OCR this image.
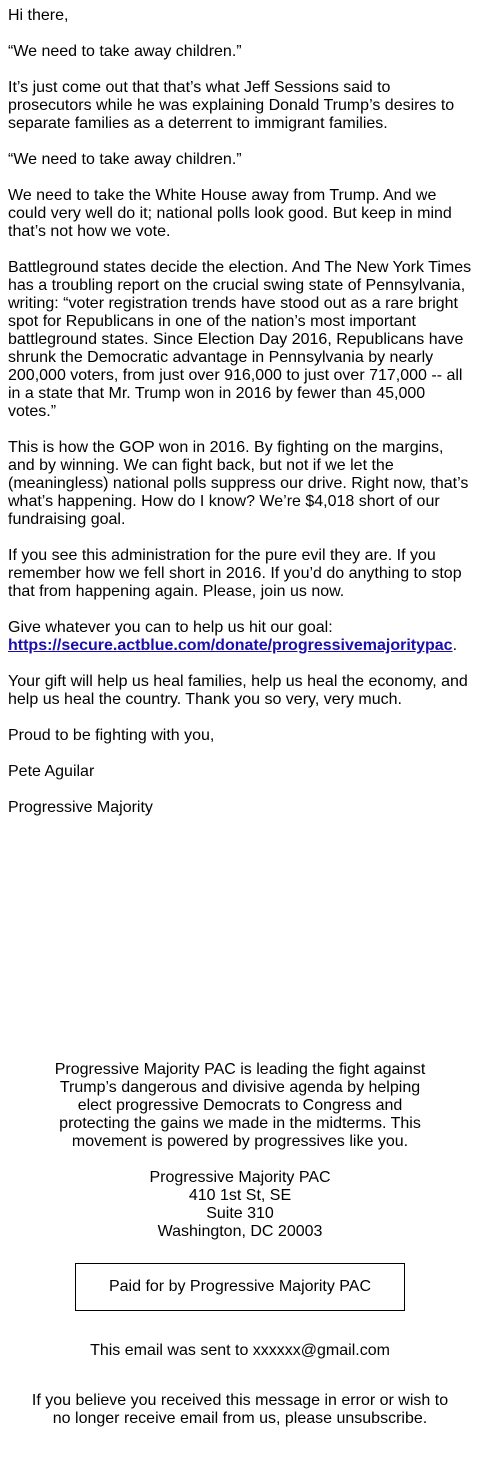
Hi there,

“We need to take away children.”

It’s just come out that that’s what Jeff Sessions said to prosecutors while he was explaining Donald Trump’s desires to separate families as a deterrent to immigrant families.

“We need to take away children.”

We need to take the White House away from Trump. And we could very well do it; national polls look good. But keep in mind that’s not how we vote.

Battleground states decide the election. And The New York Times has a troubling report on the crucial swing state of Pennsylvania, writing: “voter registration trends have stood out as a rare bright spot for Republicans in one of the nation’s most important battleground states. Since Election Day 2016, Republicans have shrunk the Democratic advantage in Pennsylvania by nearly 200,000 voters, from just over 916,000 to just over 717,000 -- all in a state that Mr. Trump won in 2016 by fewer than 45,000 votes.”

This is how the GOP won in 2016. By fighting on the margins, and by winning. We can fight back, but not if we let the (meaningless) national polls suppress our drive. Right now, that’s what’s happening. How do I know? We’re $4,018 short of our fundraising goal.

If you see this administration for the pure evil they are. If you remember how we fell short in 2016. If you’d do anything to stop that from happening again. Please, join us now.

Give whatever you can to help us hit our goal:
https://secure.actblue.com/donate/progressivemajoritypac.

Your gift will help us heal families, help us heal the economy, and help us heal the country. Thank you so very, very much.

Proud to be fighting with you,

Pete Aguilar

Progressive Majority

Progressive Majority PAC is leading the fight against Trump’s dangerous and divisive agenda by helping elect progressive Democrats to Congress and protecting the gains we made in the midterms. This movement is powered by progressives like you.
Progressive Majority PAC
410 1st St, SE
Suite 310
Washington, DC 20003
Paid for by Progressive Majority PAC
This email was sent to xxxxxx@gmail.com
If you believe you received this message in error or wish to no longer receive email from us, please unsubscribe.
